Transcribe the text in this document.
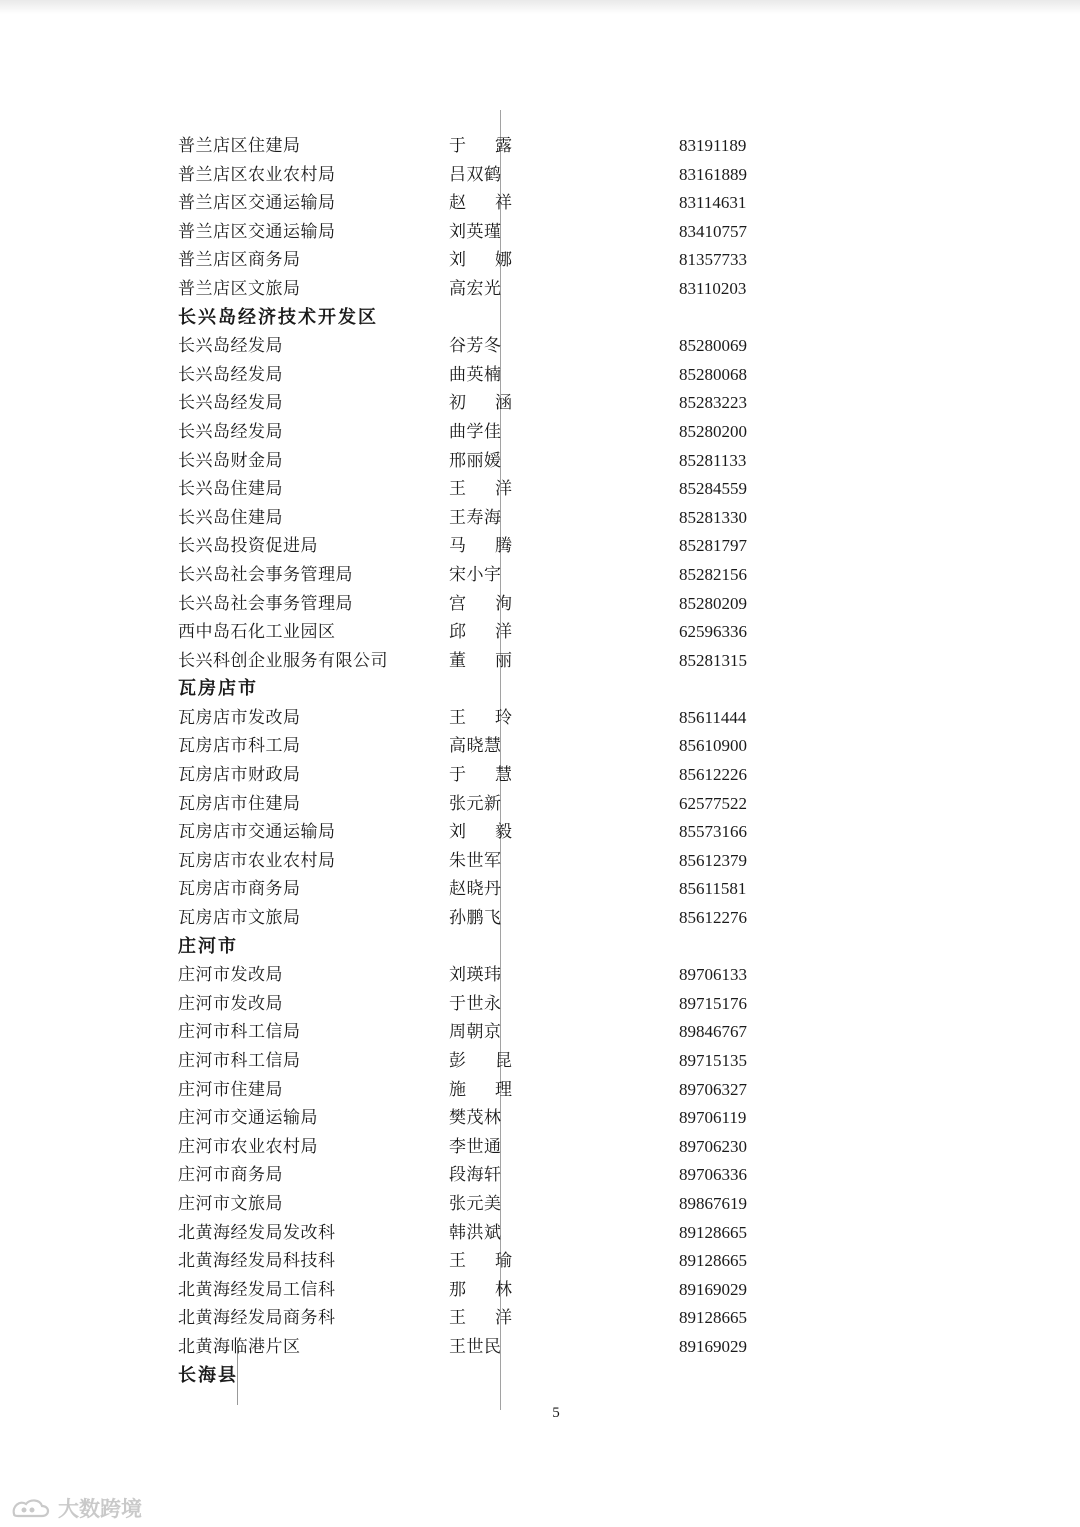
普兰店区住建局	于露	83191189
普兰店区农业农村局	吕双鹤	83161889
普兰店区交通运输局	赵祥	83114631
普兰店区交通运输局	刘英瑾	83410757
普兰店区商务局	刘娜	81357733
普兰店区文旅局	高宏光	83110203
长兴岛经济技术开发区
长兴岛经发局	谷芳冬	85280069
长兴岛经发局	曲英楠	85280068
长兴岛经发局	初涵	85283223
长兴岛经发局	曲学佳	85280200
长兴岛财金局	邢丽媛	85281133
长兴岛住建局	王洋	85284559
长兴岛住建局	王寿海	85281330
长兴岛投资促进局	马腾	85281797
长兴岛社会事务管理局	宋小宇	85282156
长兴岛社会事务管理局	宫洵	85280209
西中岛石化工业园区	邱洋	62596336
长兴科创企业服务有限公司	董丽	85281315
瓦房店市
瓦房店市发改局	王玲	85611444
瓦房店市科工局	高晓慧	85610900
瓦房店市财政局	于慧	85612226
瓦房店市住建局	张元新	62577522
瓦房店市交通运输局	刘毅	85573166
瓦房店市农业农村局	朱世军	85612379
瓦房店市商务局	赵晓丹	85611581
瓦房店市文旅局	孙鹏飞	85612276
庄河市
庄河市发改局	刘瑛玮	89706133
庄河市发改局	于世永	89715176
庄河市科工信局	周朝京	89846767
庄河市科工信局	彭昆	89715135
庄河市住建局	施理	89706327
庄河市交通运输局	樊茂林	89706119
庄河市农业农村局	李世通	89706230
庄河市商务局	段海轩	89706336
庄河市文旅局	张元美	89867619
北黄海经发局发改科	韩洪斌	89128665
北黄海经发局科技科	王瑜	89128665
北黄海经发局工信科	那林	89169029
北黄海经发局商务科	王洋	89128665
北黄海临港片区	王世民	89169029
长海县
5
大数跨境
